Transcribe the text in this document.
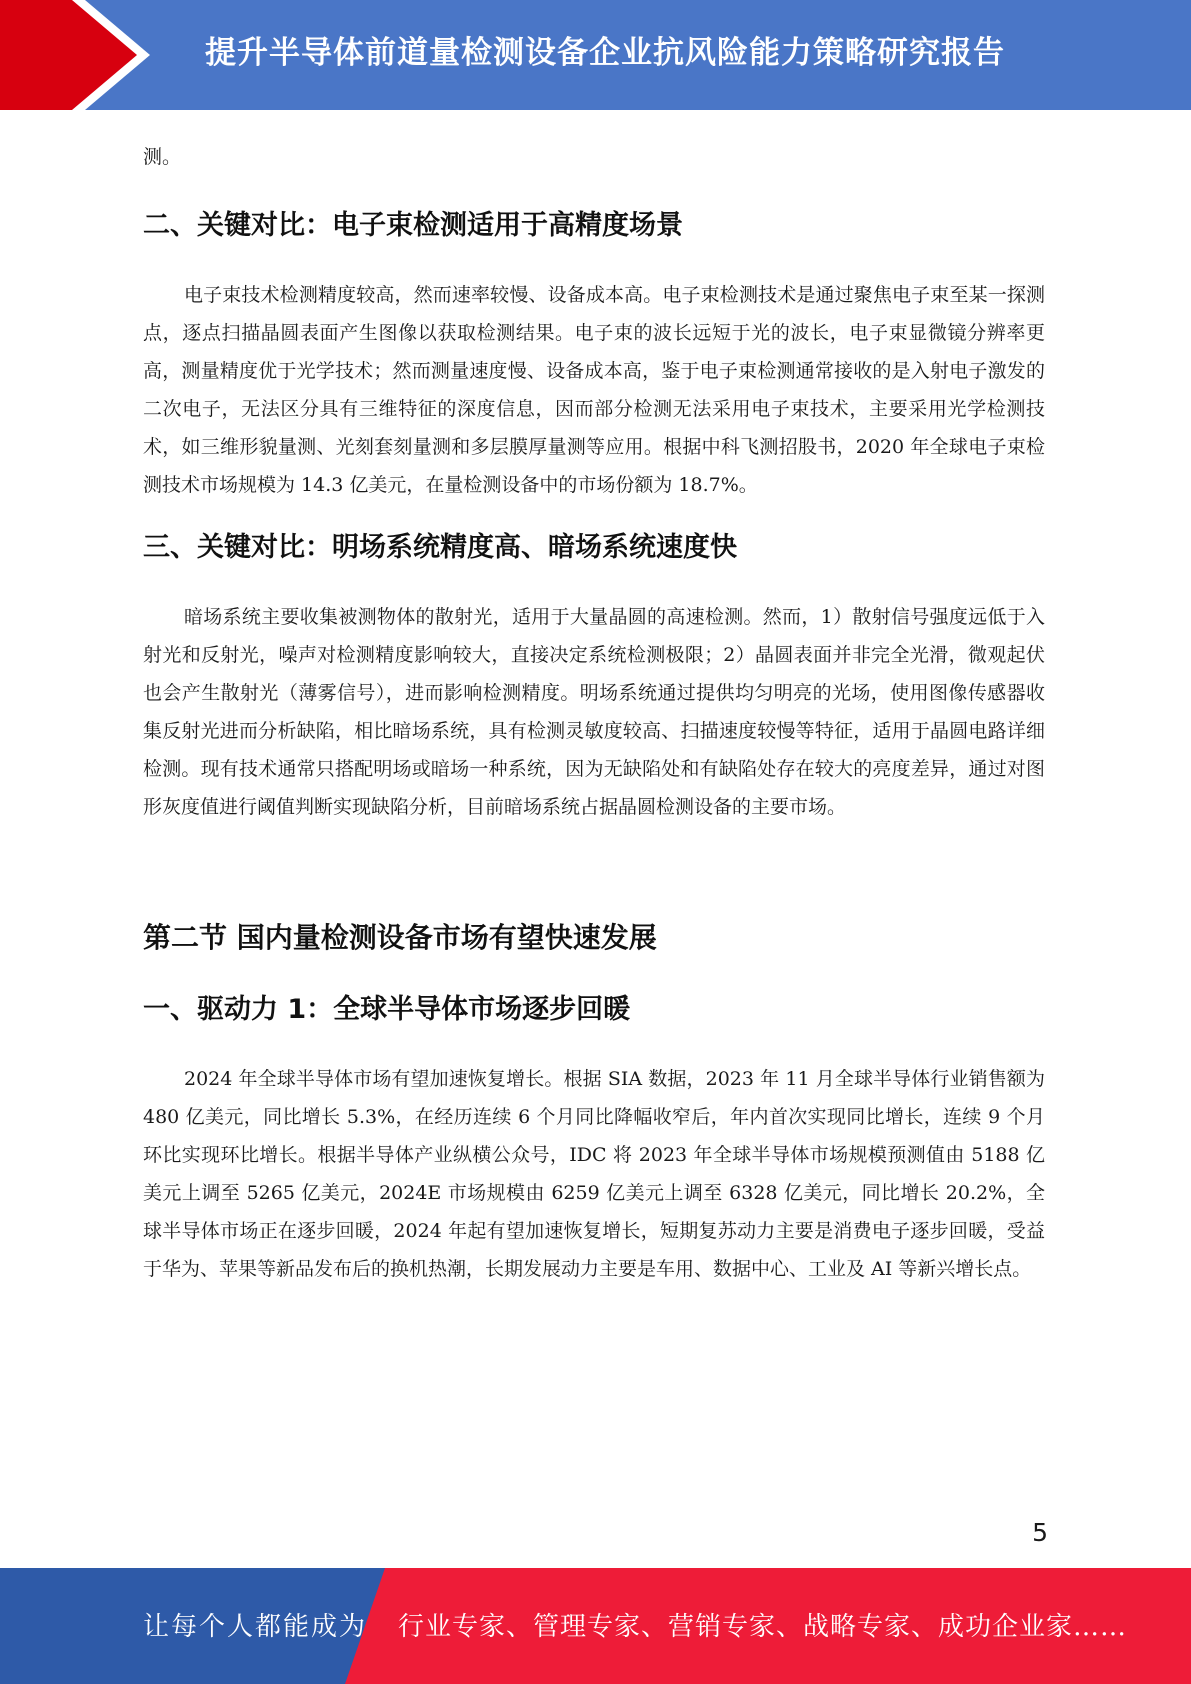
提升半导体前道量检测设备企业抗风险能力策略研究报告

测。

二、关键对比：电子束检测适用于高精度场景

电子束技术检测精度较高，然而速率较慢、设备成本高。电子束检测技术是通过聚焦电子束至某一探测点，逐点扫描晶圆表面产生图像以获取检测结果。电子束的波长远短于光的波长，电子束显微镜分辨率更高，测量精度优于光学技术；然而测量速度慢、设备成本高，鉴于电子束检测通常接收的是入射电子激发的二次电子，无法区分具有三维特征的深度信息，因而部分检测无法采用电子束技术，主要采用光学检测技术，如三维形貌量测、光刻套刻量测和多层膜厚量测等应用。根据中科飞测招股书，2020 年全球电子束检测技术市场规模为 14.3 亿美元，在量检测设备中的市场份额为 18.7%。

三、关键对比：明场系统精度高、暗场系统速度快

暗场系统主要收集被测物体的散射光，适用于大量晶圆的高速检测。然而，1）散射信号强度远低于入射光和反射光，噪声对检测精度影响较大，直接决定系统检测极限；2）晶圆表面并非完全光滑，微观起伏也会产生散射光（薄雾信号），进而影响检测精度。明场系统通过提供均匀明亮的光场，使用图像传感器收集反射光进而分析缺陷，相比暗场系统，具有检测灵敏度较高、扫描速度较慢等特征，适用于晶圆电路详细检测。现有技术通常只搭配明场或暗场一种系统，因为无缺陷处和有缺陷处存在较大的亮度差异，通过对图形灰度值进行阈值判断实现缺陷分析，目前暗场系统占据晶圆检测设备的主要市场。

第二节 国内量检测设备市场有望快速发展
一、驱动力 1：全球半导体市场逐步回暖

2024 年全球半导体市场有望加速恢复增长。根据 SIA 数据，2023 年 11 月全球半导体行业销售额为 480 亿美元，同比增长 5.3%，在经历连续 6 个月同比降幅收窄后，年内首次实现同比增长，连续 9 个月环比实现环比增长。根据半导体产业纵横公众号，IDC 将 2023 年全球半导体市场规模预测值由 5188 亿美元上调至 5265 亿美元，2024E 市场规模由 6259 亿美元上调至 6328 亿美元，同比增长 20.2%，全球半导体市场正在逐步回暖，2024 年起有望加速恢复增长，短期复苏动力主要是消费电子逐步回暖，受益于华为、苹果等新品发布后的换机热潮，长期发展动力主要是车用、数据中心、工业及 AI 等新兴增长点。

5
让每个人都能成为 行业专家、管理专家、营销专家、战略专家、成功企业家……
